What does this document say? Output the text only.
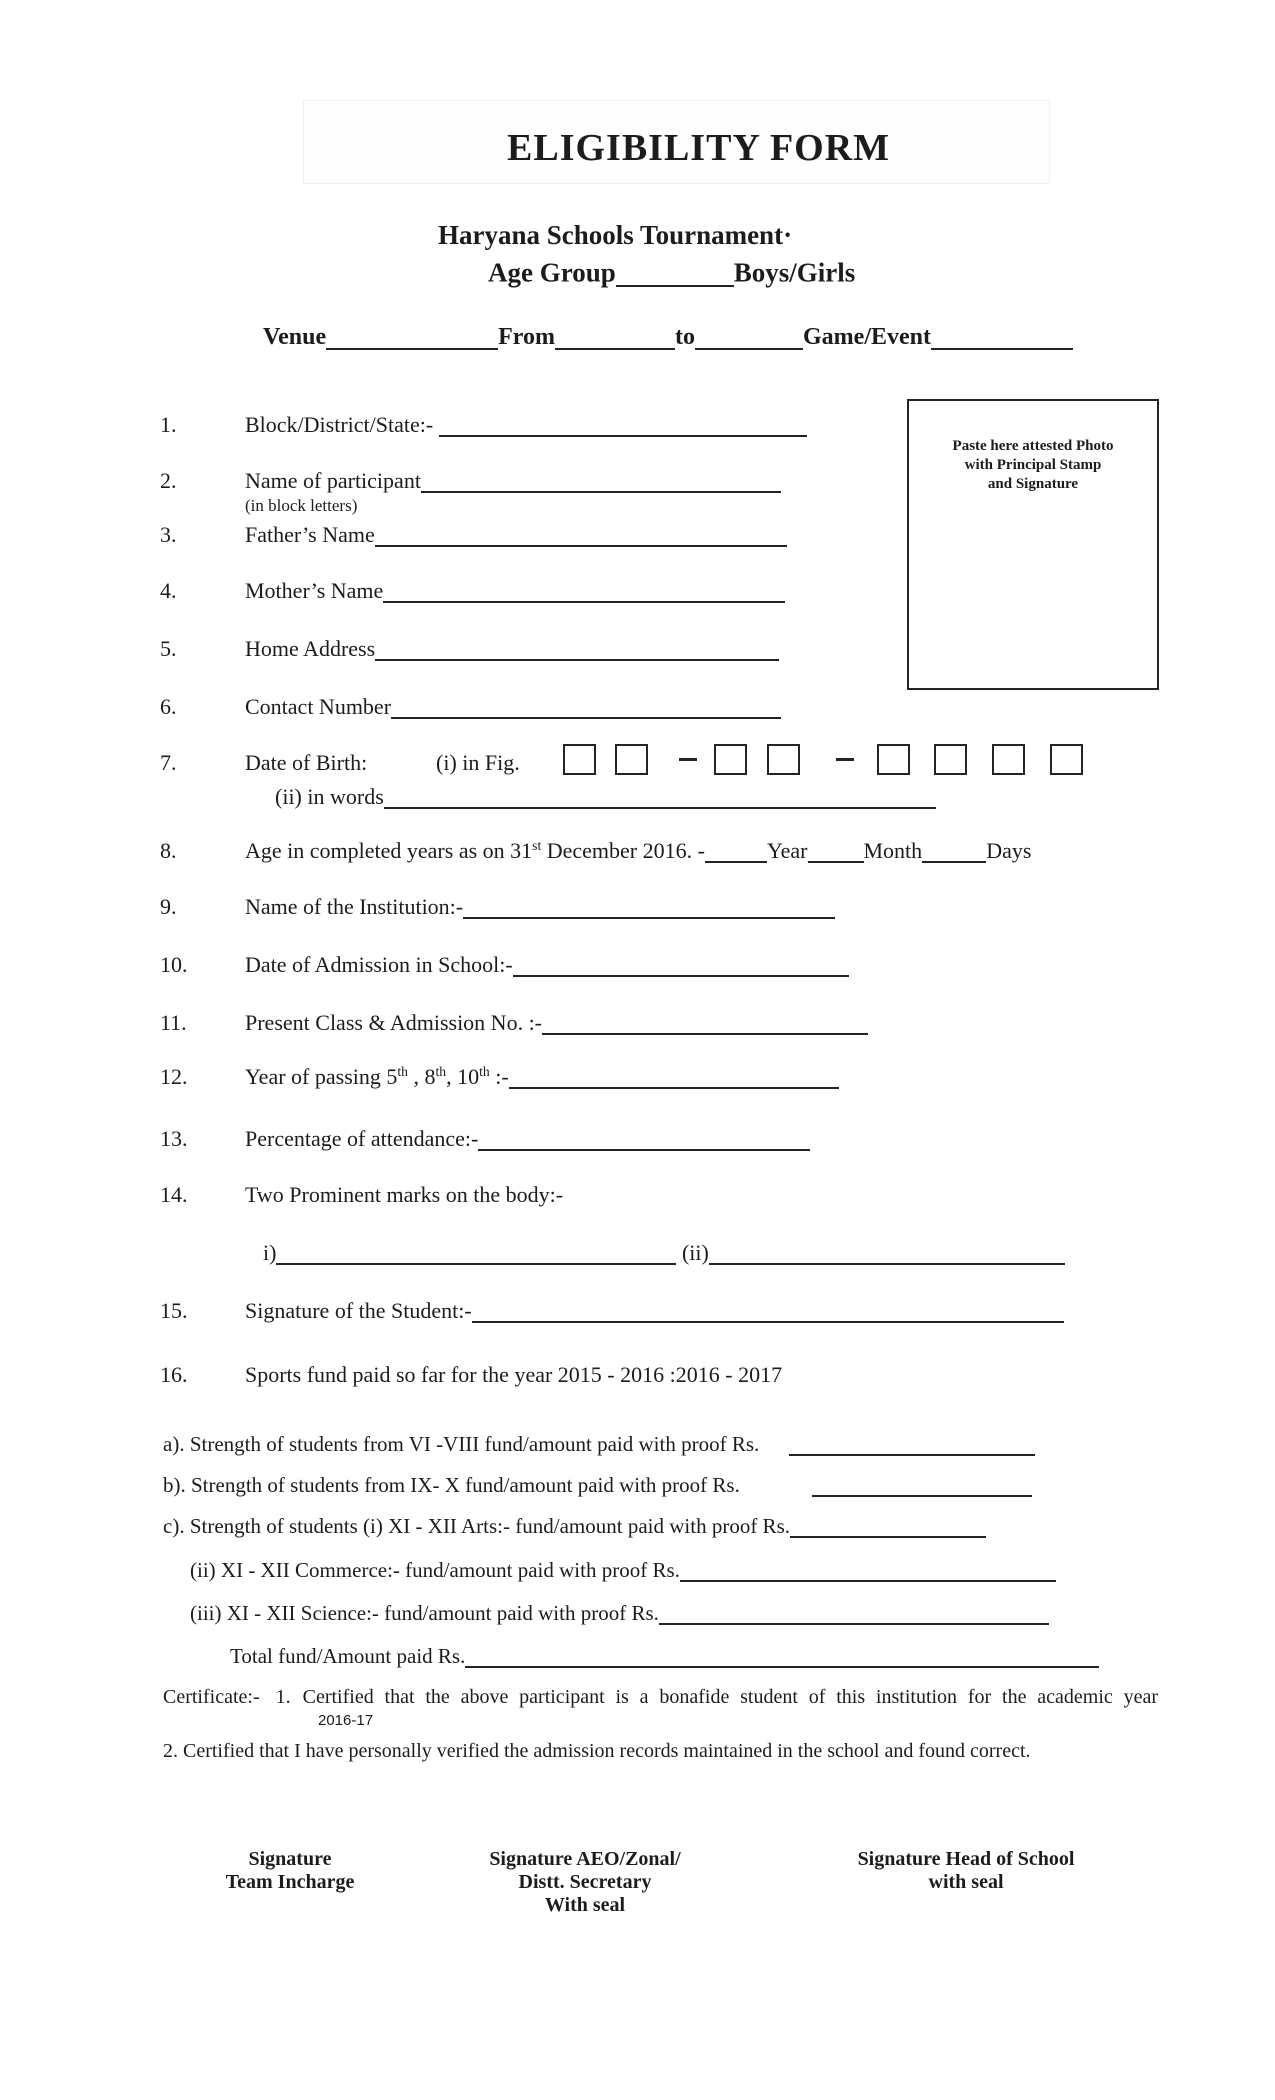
ELIGIBILITY FORM
Haryana Schools Tournament·
Age Group	Boys/Girls
Venue	From	to	Game/Event
Paste here attested Photo
with Principal Stamp
and Signature
1.	Block/District/State:-
2.	Name of participant
(in block letters)
3.	Father’s Name
4.	Mother’s Name
5.	Home Address
6.	Contact Number
7.	Date of Birth:	(i) in Fig.
(ii) in words
8.	Age in completed years as on 31st December 2016. -	Year	Month	Days
9.	Name of the Institution:-
10.	Date of Admission in School:-
11.	Present Class & Admission No. :-
12.	Year of passing 5th , 8th, 10th :-
13.	Percentage of attendance:-
14.	Two Prominent marks on the body:-
i)	(ii)
15.	Signature of the Student:-
16.	Sports fund paid so far for the year 2015 - 2016 :2016 - 2017
a). Strength of students from VI -VIII fund/amount paid with proof Rs.
b). Strength of students from IX- X fund/amount paid with proof Rs.
c). Strength of students (i) XI - XII Arts:- fund/amount paid with proof Rs.
(ii) XI - XII Commerce:- fund/amount paid with proof Rs.
(iii) XI - XII Science:- fund/amount paid with proof Rs.
Total fund/Amount paid Rs.
Certificate:- 1. Certified that the above participant is a bonafide student of this institution for the academic year
2016-17
2. Certified that I have personally verified the admission records maintained in the school and found correct.
Signature
Team Incharge
Signature AEO/Zonal/
Distt. Secretary
With seal
Signature Head of School
with seal
